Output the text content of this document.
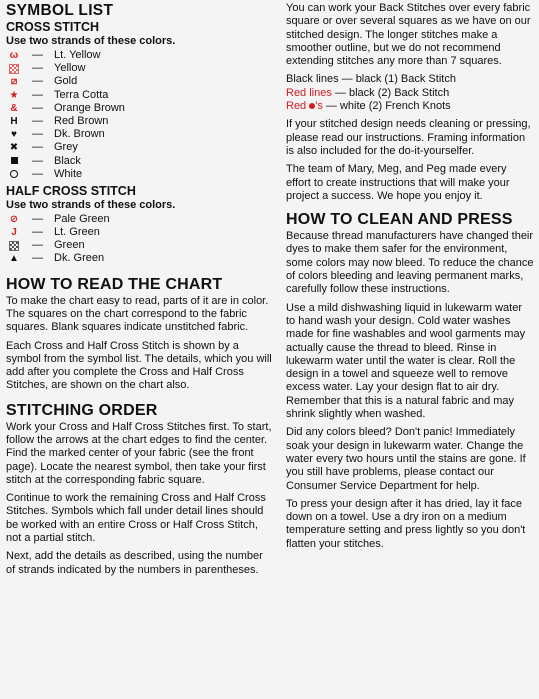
SYMBOL LIST
CROSS STITCH
Use two strands of these colors.
ω — Lt. Yellow
— Yellow
⧄ — Gold
★ — Terra Cotta
& — Orange Brown
H — Red Brown
♥ — Dk. Brown
✖ — Grey
— Black
— White
HALF CROSS STITCH
Use two strands of these colors.
⊘ — Pale Green
J — Lt. Green
— Green
▲ — Dk. Green
HOW TO READ THE CHART

To make the chart easy to read, parts of it are in color. The squares on the chart correspond to the fabric squares. Blank squares indicate unstitched fabric.

Each Cross and Half Cross Stitch is shown by a symbol from the symbol list. The details, which you will add after you complete the Cross and Half Cross Stitches, are shown on the chart also.

STITCHING ORDER

Work your Cross and Half Cross Stitches first. To start, follow the arrows at the chart edges to find the center. Find the marked center of your fabric (see the front page). Locate the nearest symbol, then take your first stitch at the corresponding fabric square.

Continue to work the remaining Cross and Half Cross Stitches. Symbols which fall under detail lines should be worked with an entire Cross or Half Cross Stitch, not a partial stitch.

Next, add the details as described, using the number of strands indicated by the numbers in parentheses.

You can work your Back Stitches over every fabric square or over several squares as we have on our stitched design. The longer stitches make a smoother outline, but we do not recommend extending stitches any more than 7 squares.

Black lines — black (1) Back Stitch

Red lines — black (2) Back Stitch

Red 's — white (2) French Knots

If your stitched design needs cleaning or pressing, please read our instructions. Framing information is also included for the do-it-yourselfer.

The team of Mary, Meg, and Peg made every effort to create instructions that will make your project a success. We hope you enjoy it.

HOW TO CLEAN AND PRESS

Because thread manufacturers have changed their dyes to make them safer for the environment, some colors may now bleed. To reduce the chance of colors bleeding and leaving permanent marks, carefully follow these instructions.

Use a mild dishwashing liquid in lukewarm water to hand wash your design. Cold water washes made for fine washables and wool garments may actually cause the thread to bleed. Rinse in lukewarm water until the water is clear. Roll the design in a towel and squeeze well to remove excess water. Lay your design flat to air dry. Remember that this is a natural fabric and may shrink slightly when washed.

Did any colors bleed? Don't panic! Immediately soak your design in lukewarm water. Change the water every two hours until the stains are gone. If you still have problems, please contact our Consumer Service Department for help.

To press your design after it has dried, lay it face down on a towel. Use a dry iron on a medium temperature setting and press lightly so you don't flatten your stitches.
